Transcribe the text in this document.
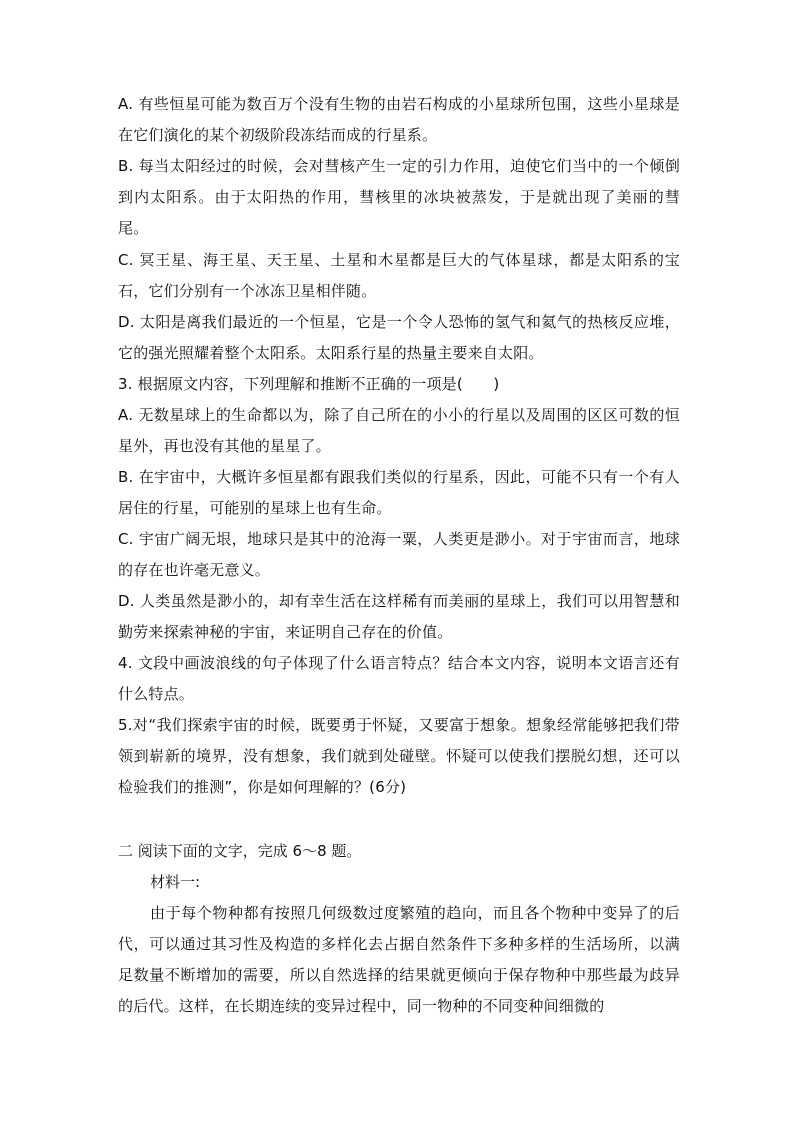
A. 有些恒星可能为数百万个没有生物的由岩石构成的小星球所包围，这些小星球是在它们演化的某个初级阶段冻结而成的行星系。
B. 每当太阳经过的时候，会对彗核产生一定的引力作用，迫使它们当中的一个倾倒到内太阳系。由于太阳热的作用，彗核里的冰块被蒸发，于是就出现了美丽的彗尾。
C. 冥王星、海王星、天王星、土星和木星都是巨大的气体星球，都是太阳系的宝石，它们分别有一个冰冻卫星相伴随。
D. 太阳是离我们最近的一个恒星，它是一个令人恐怖的氢气和氦气的热核反应堆，它的强光照耀着整个太阳系。太阳系行星的热量主要来自太阳。
3. 根据原文内容，下列理解和推断不正确的一项是(　　)
A. 无数星球上的生命都以为，除了自己所在的小小的行星以及周围的区区可数的恒星外，再也没有其他的星星了。
B. 在宇宙中，大概许多恒星都有跟我们类似的行星系，因此，可能不只有一个有人居住的行星，可能别的星球上也有生命。
C. 宇宙广阔无垠，地球只是其中的沧海一粟，人类更是渺小。对于宇宙而言，地球的存在也许毫无意义。
D. 人类虽然是渺小的，却有幸生活在这样稀有而美丽的星球上，我们可以用智慧和勤劳来探索神秘的宇宙，来证明自己存在的价值。
4. 文段中画波浪线的句子体现了什么语言特点？结合本文内容，说明本文语言还有什么特点。
5.对“我们探索宇宙的时候，既要勇于怀疑，又要富于想象。想象经常能够把我们带领到崭新的境界，没有想象，我们就到处碰壁。怀疑可以使我们摆脱幻想，还可以检验我们的推测”，你是如何理解的？(6分)
二 阅读下面的文字，完成 6～8 题。
材料一:
由于每个物种都有按照几何级数过度繁殖的趋向，而且各个物种中变异了的后代，可以通过其习性及构造的多样化去占据自然条件下多种多样的生活场所，以满足数量不断增加的需要，所以自然选择的结果就更倾向于保存物种中那些最为歧异的后代。这样，在长期连续的变异过程中，同一物种的不同变种间细微的
